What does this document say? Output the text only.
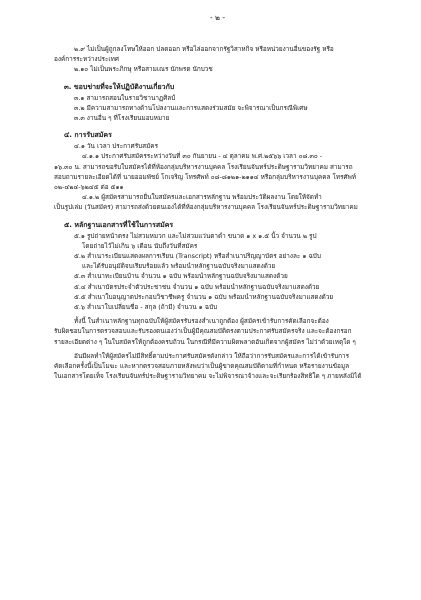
- ๒ -
๒.๙ ไม่เป็นผู้ถูกลงโทษให้ออก ปลดออก หรือไล่ออกจากรัฐวิสาหกิจ หรือหน่วยงานอื่นของรัฐ หรือ
องค์การระหว่างประเทศ
๒.๑๐ ไม่เป็นพระภิกษุ หรือสามเณร นักพรต นักบวช
๓. ขอบข่ายที่จะให้ปฏิบัติงานเกี่ยวกับ
๓.๑ สามารถสอนในรายวิชานาฏศิลป์
๓.๒ มีความสามารถทางด้านโปลงานและการแสดงร่วมสมัย จะพิจารณาเป็นกรณีพิเศษ
๓.๓ งานอื่น ๆ ที่โรงเรียนมอบหมาย
๔. การรับสมัคร
๔.๑ วัน เวลา ประกาศรับสมัคร
๔.๑.๑ ประกาศรับสมัครระหว่างวันที่ ๓๐ กันยายน - ๔ ตุลาคม พ.ศ.๒๕๖๖ เวลา ๐๘.๓๐ -
๑๖.๓๐ น. สามารถขอรับใบสมัครได้ที่ห้องกลุ่มบริหารงานบุคคล โรงเรียนจันทร์ประดิษฐารามวิทยาคม สามารถ
สอบถามรายละเอียดได้ที่ นายออมพัชย์ โกเจริญ โทรศัพท์ ๐๘-๘๑๒๑-๒๑๑๔ หรือกลุ่มบริหารงานบุคคล โทรศัพท์
๐๒-๔๒๔-๖๒๔๕ ต่อ ๕๑๑
๔.๑.๒ ผู้สมัครสามารถยื่นใบสมัครและเอกสารหลักฐาน พร้อมประวัติผลงาน โดยให้จัดทำ
เป็นรูปเล่ม (วันสมัคร) สามารถส่งด้วยตนเองได้ที่ห้องกลุ่มบริหารงานบุคคล โรงเรียนจันทร์ประดิษฐารามวิทยาคม
๕. หลักฐานเอกสารที่ใช้ในการสมัคร
๕.๑ รูปถ่ายหน้าตรง ไม่สวมหมวก และไม่สวมแว่นตาดำ ขนาด ๑ x ๑.๕ นิ้ว จำนวน ๒ รูป
โดยถ่ายไว้ไม่เกิน ๖ เดือน นับถึงวันที่สมัคร
๕.๒ สำเนาระเบียนแสดงผลการเรียน (Transcript) หรือสำเนาปริญญาบัตร อย่างละ ๑ ฉบับ
และได้รับอนุมัติจบเรียบร้อยแล้ว พร้อมนำหลักฐานฉบับจริงมาแสดงด้วย
๕.๓ สำเนาทะเบียนบ้าน จำนวน ๑ ฉบับ พร้อมนำหลักฐานฉบับจริงมาแสดงด้วย
๕.๔ สำเนาบัตรประจำตัวประชาชน จำนวน ๑ ฉบับ พร้อมนำหลักฐานฉบับจริงมาแสดงด้วย
๕.๕ สำเนาใบอนุญาตประกอบวิชาชีพครู จำนวน ๑ ฉบับ พร้อมนำหลักฐานฉบับจริงมาแสดงด้วย
๕.๖ สำเนาใบเปลี่ยนชื่อ - สกุล (ถ้ามี) จำนวน ๑ ฉบับ
ทั้งนี้ ในสำเนาหลักฐานทุกฉบับให้ผู้สมัครรับรองสำเนาถูกต้อง ผู้สมัครเข้ารับการคัดเลือกจะต้อง
รับผิดชอบในการตรวจสอบและรับรองตนเองว่าเป็นผู้มีคุณสมบัติตรงตามประกาศรับสมัครจริง และจะต้องกรอก
รายละเอียดต่าง ๆ ในใบสมัครให้ถูกต้องครบถ้วน ในกรณีที่มีความผิดพลาดอันเกิดจากผู้สมัคร ไม่ว่าด้วยเหตุใด ๆ
อันมีผลทำให้ผู้สมัครไม่มีสิทธิ์ตามประกาศรับสมัครดังกล่าว ให้ถือว่าการรับสมัครและการได้เข้ารับการ
คัดเลือกครั้งนี้เป็นโมฆะ และหากตรวจสอบภายหลังพบว่าเป็นผู้ขาดคุณสมบัติตามที่กำหนด หรือรายงานข้อมูล
ในเอกสารโดยเท็จ โรงเรียนจันทร์ประดิษฐารามวิทยาคม จะไม่พิจารณาจ้างและจะเรียกร้องสิทธิใด ๆ ภายหลังมิได้
